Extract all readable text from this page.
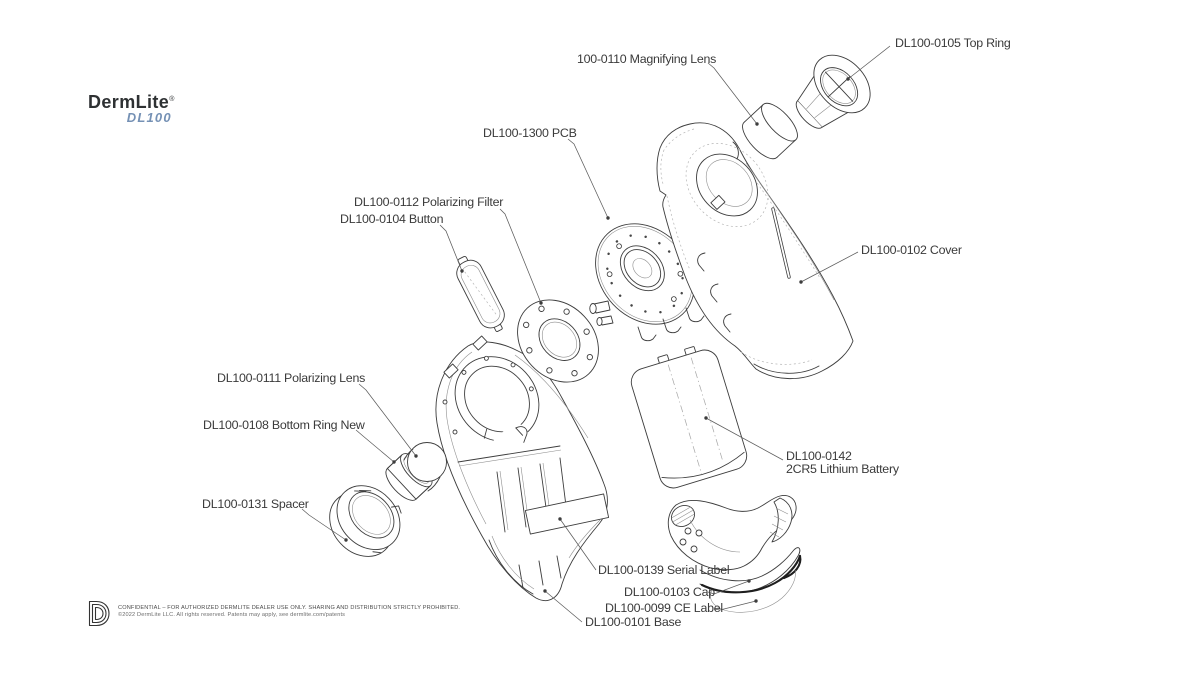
DermLite®
DL100
100-0110 Magnifying Lens
DL100-0105 Top Ring
DL100-1300 PCB
DL100-0112 Polarizing Filter
DL100-0104 Button
DL100-0102 Cover
DL100-0111 Polarizing Lens
DL100-0108 Bottom Ring New
DL100-0131 Spacer
DL100-0142
2CR5 Lithium Battery
DL100-0139 Serial Label
DL100-0103 Cap
DL100-0099 CE Label
DL100-0101 Base
CONFIDENTIAL – FOR AUTHORIZED DERMLITE DEALER USE ONLY. SHARING AND DISTRIBUTION STRICTLY PROHIBITED.
©2022 DermLite LLC. All rights reserved. Patents may apply, see dermlite.com/patents
